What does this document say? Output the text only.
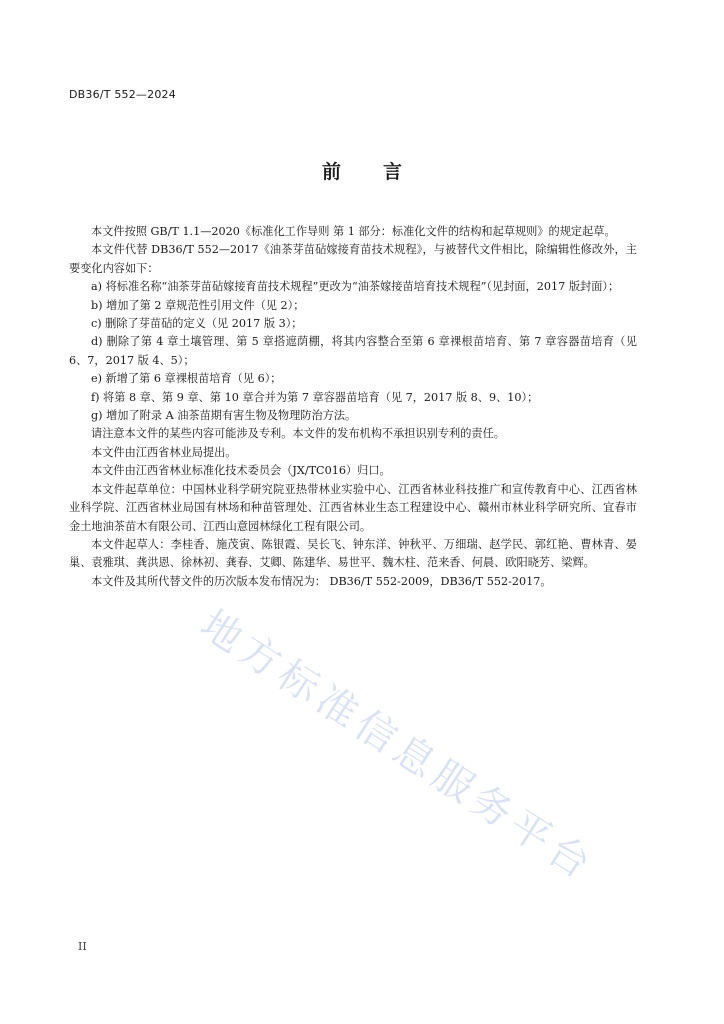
DB36/T 552—2024
前 言

本文件按照 GB/T 1.1—2020《标准化工作导则 第 1 部分：标准化文件的结构和起草规则》的规定起草。

本文件代替 DB36/T 552—2017《油茶芽苗砧嫁接育苗技术规程》，与被替代文件相比，除编辑性修改外，主要变化内容如下：

a) 将标准名称“油茶芽苗砧嫁接育苗技术规程”更改为“油茶嫁接苗培育技术规程”（见封面，2017 版封面）；

b) 增加了第 2 章规范性引用文件（见 2）；

c) 删除了芽苗砧的定义（见 2017 版 3）；

d) 删除了第 4 章土壤管理、第 5 章搭遮荫棚，将其内容整合至第 6 章裸根苗培育、第 7 章容器苗培育（见 6、7，2017 版 4、5）；

e) 新增了第 6 章裸根苗培育（见 6）；

f) 将第 8 章、第 9 章、第 10 章合并为第 7 章容器苗培育（见 7，2017 版 8、9、10）；

g) 增加了附录 A 油茶苗期有害生物及物理防治方法。

请注意本文件的某些内容可能涉及专利。本文件的发布机构不承担识别专利的责任。

本文件由江西省林业局提出。

本文件由江西省林业标准化技术委员会（JX/TC016）归口。

本文件起草单位：中国林业科学研究院亚热带林业实验中心、江西省林业科技推广和宣传教育中心、江西省林业科学院、江西省林业局国有林场和种苗管理处、江西省林业生态工程建设中心、赣州市林业科学研究所、宜春市金土地油茶苗木有限公司、江西山意园林绿化工程有限公司。

本文件起草人：李桂香、施茂寅、陈银霞、吴长飞、钟东洋、钟秋平、万细瑞、赵学民、郭红艳、曹林青、晏巢、袁雅琪、龚洪恩、徐林初、龚春、艾卿、陈建华、易世平、魏木柱、范来香、何晨、欧阳晓芳、梁辉。

本文件及其所代替文件的历次版本发布情况为： DB36/T 552-2009，DB36/T 552-2017。

地方标准信息服务平台
II
